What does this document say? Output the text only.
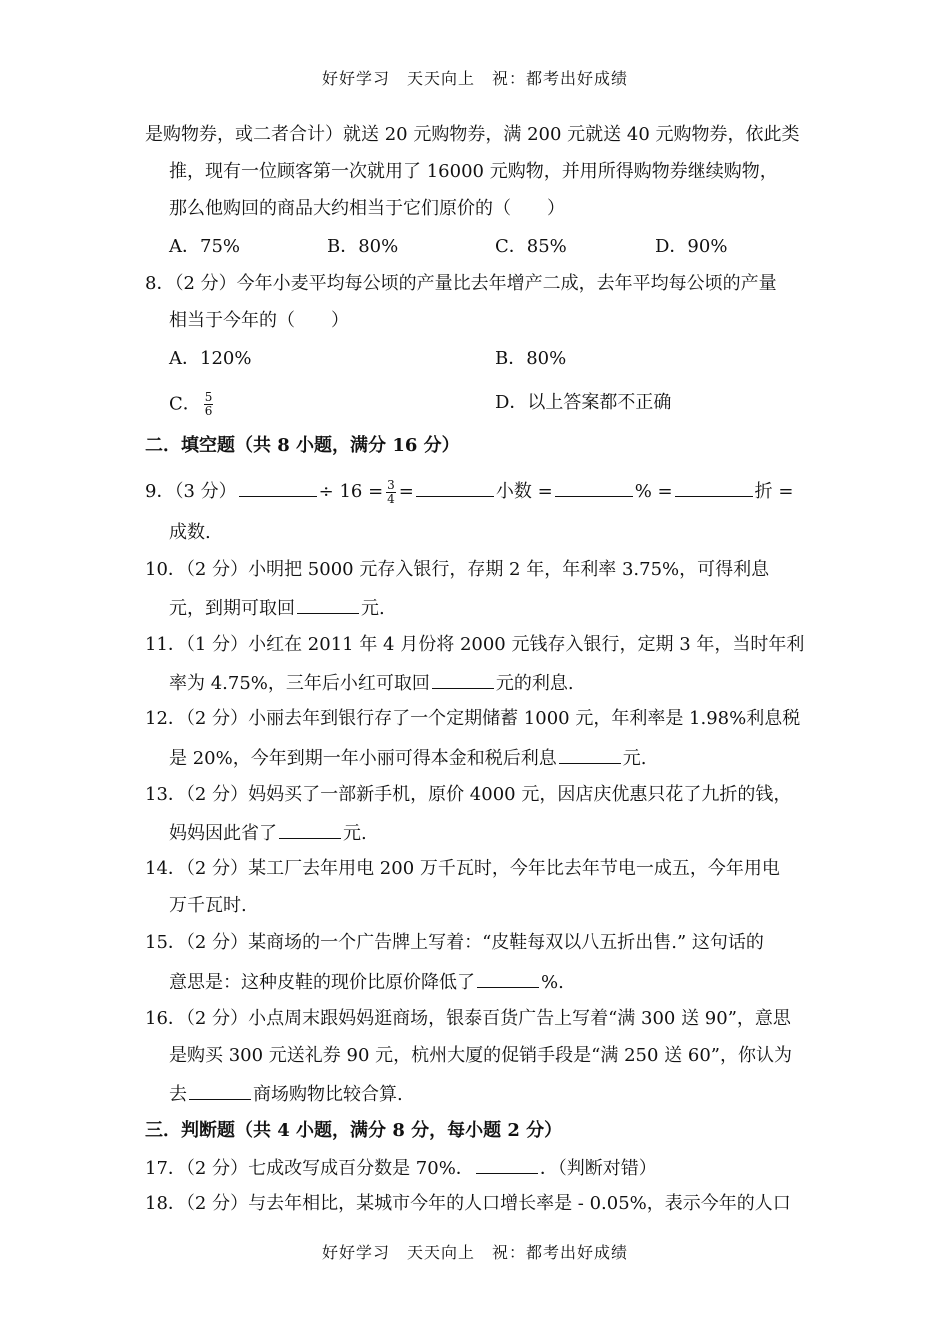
好好学习　天天向上　祝：都考出好成绩
是购物券，或二者合计）就送 20 元购物券，满 200 元就送 40 元购物券，依此类
推，现有一位顾客第一次就用了 16000 元购物，并用所得购物券继续购物，
那么他购回的商品大约相当于它们原价的（　　）
A．75%	B．80%	C．85%	D．90%
8．（2 分）今年小麦平均每公顷的产量比去年增产二成，去年平均每公顷的产量
相当于今年的（　　）
A．120%	B．80%
C． $\frac{5}{6}$	D．以上答案都不正确
二．填空题（共 8 小题，满分 16 分）
9．（3 分）	÷ $16 = \frac{3}{4}$ =	小数 =	% =	折 =
成数.
10．（2 分）小明把 5000 元存入银行，存期 2 年，年利率 3.75%，可得利息
元，到期可取回	元.
11．（1 分）小红在 2011 年 4 月份将 2000 元钱存入银行，定期 3 年，当时年利
率为 4.75%，三年后小红可取回	元的利息.
12．（2 分）小丽去年到银行存了一个定期储蓄 1000 元，年利率是 1.98%利息税
是 20%，今年到期一年小丽可得本金和税后利息	元.
13．（2 分）妈妈买了一部新手机，原价 4000 元，因店庆优惠只花了九折的钱，
妈妈因此省了	元.
14．（2 分）某工厂去年用电 200 万千瓦时，今年比去年节电一成五，今年用电
万千瓦时.
15．（2 分）某商场的一个广告牌上写着：“皮鞋每双以八五折出售.” 这句话的
意思是：这种皮鞋的现价比原价降低了	%.
16．（2 分）小点周末跟妈妈逛商场，银泰百货广告上写着“满 300 送 90”，意思
是购买 300 元送礼券 90 元，杭州大厦的促销手段是“满 250 送 60”，你认为
去	商场购物比较合算.
三．判断题（共 4 小题，满分 8 分，每小题 2 分）
17．（2 分）七成改写成百分数是 70%．	．（判断对错）
18．（2 分）与去年相比，某城市今年的人口增长率是 - 0.05%，表示今年的人口
好好学习　天天向上　祝：都考出好成绩
